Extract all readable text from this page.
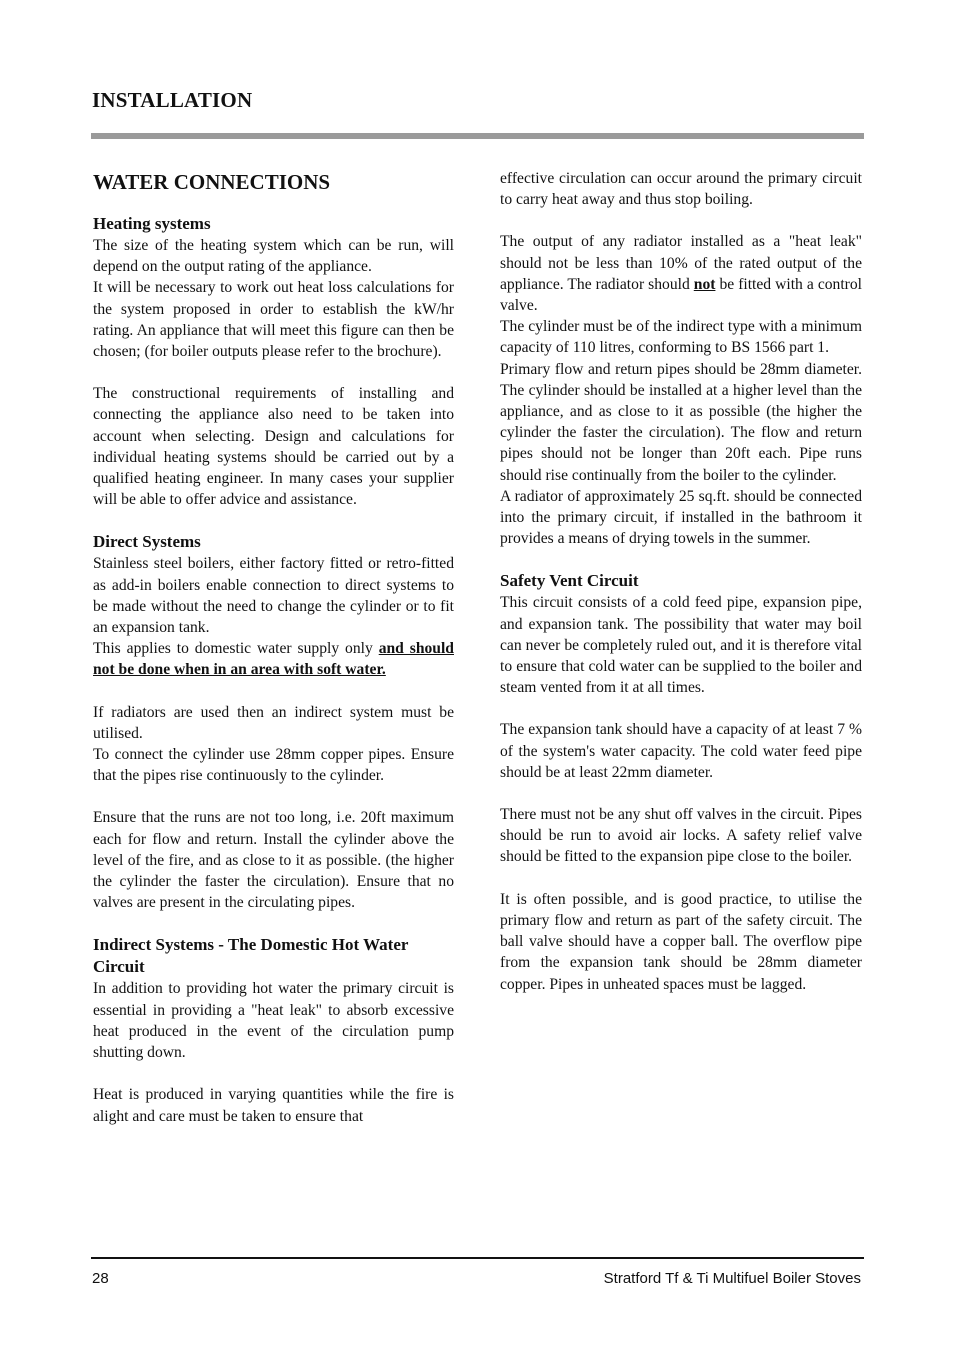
INSTALLATION
WATER CONNECTIONS
Heating systems

The size of the heating system which can be run, will depend on the output rating of the appliance.

It will be necessary to work out heat loss calculations for the system proposed in order to establish the kW/hr rating. An appliance that will meet this figure can then be chosen; (for boiler outputs please refer to the brochure).

The constructional requirements of installing and connecting the appliance also need to be taken into account when selecting. Design and calculations for individual heating systems should be carried out by a qualified heating engineer. In many cases your supplier will be able to offer advice and assistance.

Direct Systems

Stainless steel boilers, either factory fitted or retro-fitted as add-in boilers enable connection to direct systems to be made without the need to change the cylinder or to fit an expansion tank.

This applies to domestic water supply only and should not be done when in an area with soft water.

If radiators are used then an indirect system must be utilised.

To connect the cylinder use 28mm copper pipes. Ensure that the pipes rise continuously to the cylinder.

Ensure that the runs are not too long, i.e. 20ft maximum each for flow and return. Install the cylinder above the level of the fire, and as close to it as possible. (the higher the cylinder the faster the circulation). Ensure that no valves are present in the circulating pipes.

Indirect Systems - The Domestic Hot Water Circuit

In addition to providing hot water the primary circuit is essential in providing a "heat leak" to absorb excessive heat produced in the event of the circulation pump shutting down.

Heat is produced in varying quantities while the fire is alight and care must be taken to ensure that

effective circulation can occur around the primary circuit to carry heat away and thus stop boiling.

The output of any radiator installed as a "heat leak" should not be less than 10% of the rated output of the appliance. The radiator should not be fitted with a control valve.

The cylinder must be of the indirect type with a minimum capacity of 110 litres, conforming to BS 1566 part 1.

Primary flow and return pipes should be 28mm diameter. The cylinder should be installed at a higher level than the appliance, and as close to it as possible (the higher the cylinder the faster the circulation). The flow and return pipes should not be longer than 20ft each. Pipe runs should rise continually from the boiler to the cylinder.

A radiator of approximately 25 sq.ft. should be connected into the primary circuit, if installed in the bathroom it provides a means of drying towels in the summer.

Safety Vent Circuit

This circuit consists of a cold feed pipe, expansion pipe, and expansion tank. The possibility that water may boil can never be completely ruled out, and it is therefore vital to ensure that cold water can be supplied to the boiler and steam vented from it at all times.

The expansion tank should have a capacity of at least 7 % of the system's water capacity. The cold water feed pipe should be at least 22mm diameter.

There must not be any shut off valves in the circuit. Pipes should be run to avoid air locks. A safety relief valve should be fitted to the expansion pipe close to the boiler.

It is often possible, and is good practice, to utilise the primary flow and return as part of the safety circuit. The ball valve should have a copper ball. The overflow pipe from the expansion tank should be 28mm diameter copper. Pipes in unheated spaces must be lagged.

28	Stratford Tf & Ti Multifuel Boiler Stoves
